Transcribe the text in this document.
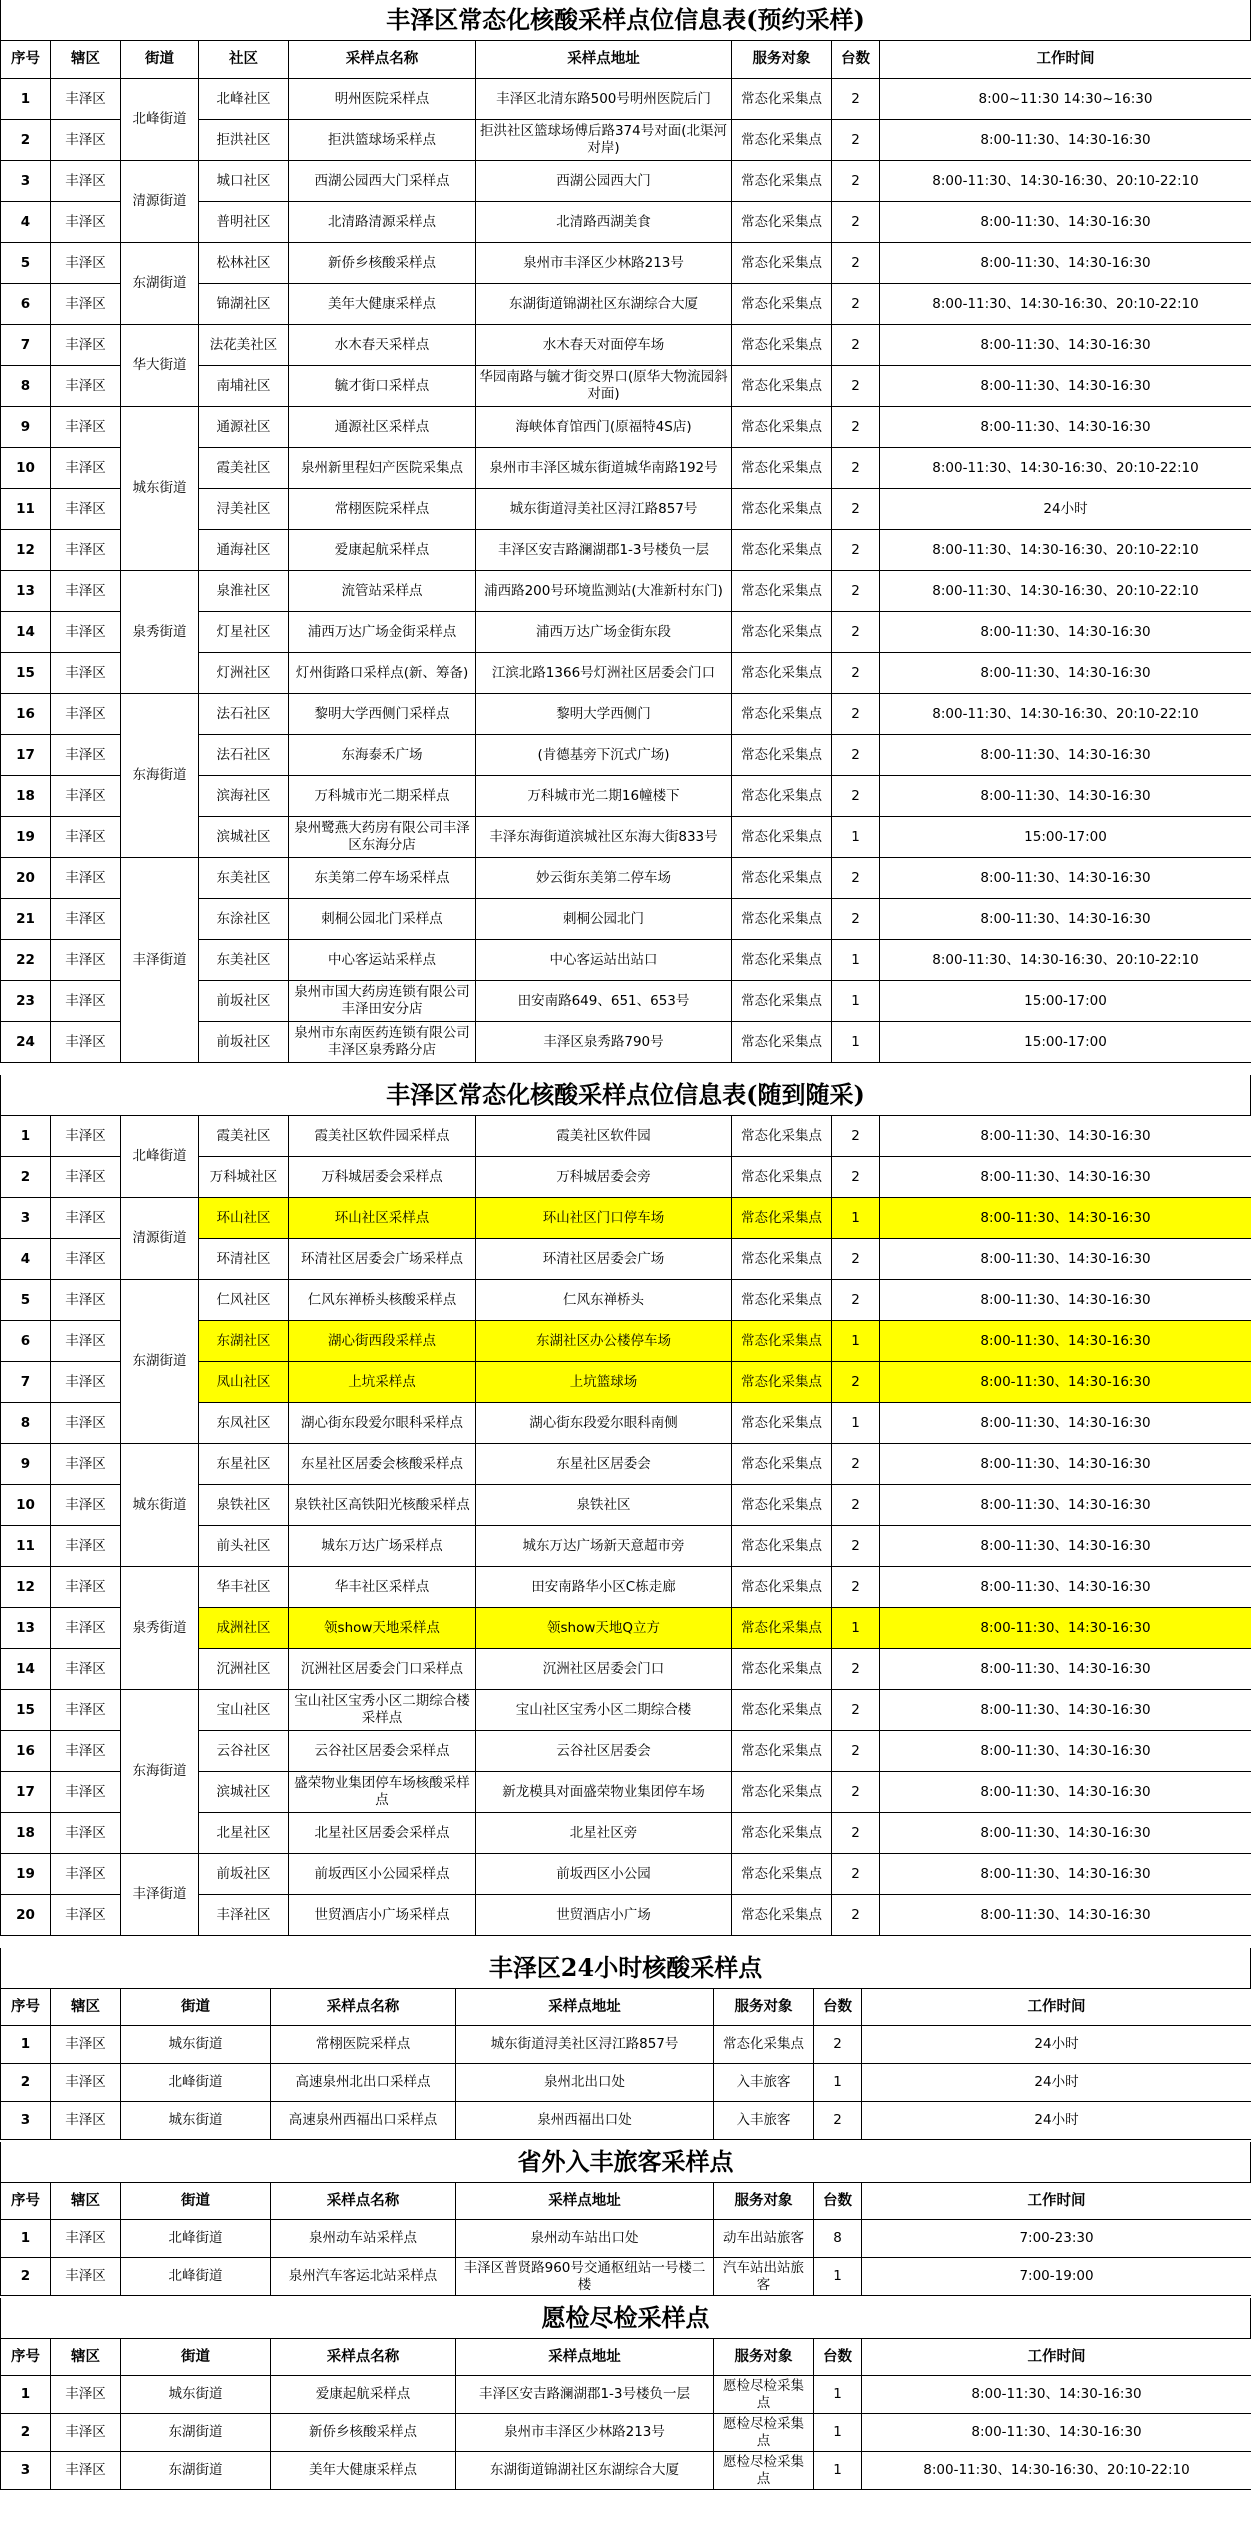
丰泽区常态化核酸采样点位信息表(预约采样)
序号	辖区	街道	社区	采样点名称	采样点地址	服务对象	台数	工作时间
1	丰泽区	北峰街道	北峰社区	明州医院采样点	丰泽区北清东路500号明州医院后门	常态化采集点	2	8:00~11:30 14:30~16:30
2	丰泽区		拒洪社区	拒洪篮球场采样点	拒洪社区篮球场傅后路374号对面(北渠河对岸)	常态化采集点	2	8:00-11:30、14:30-16:30
3	丰泽区	清源街道	城口社区	西湖公园西大门采样点	西湖公园西大门	常态化采集点	2	8:00-11:30、14:30-16:30、20:10-22:10
4	丰泽区		普明社区	北清路清源采样点	北清路西湖美食	常态化采集点	2	8:00-11:30、14:30-16:30
5	丰泽区	东湖街道	松林社区	新侨乡核酸采样点	泉州市丰泽区少林路213号	常态化采集点	2	8:00-11:30、14:30-16:30
6	丰泽区		锦湖社区	美年大健康采样点	东湖街道锦湖社区东湖综合大厦	常态化采集点	2	8:00-11:30、14:30-16:30、20:10-22:10
7	丰泽区	华大街道	法花美社区	水木春天采样点	水木春天对面停车场	常态化采集点	2	8:00-11:30、14:30-16:30
8	丰泽区		南埔社区	毓才街口采样点	华园南路与毓才街交界口(原华大物流园斜对面)	常态化采集点	2	8:00-11:30、14:30-16:30
9	丰泽区	城东街道	通源社区	通源社区采样点	海峡体育馆西门(原福特4S店)	常态化采集点	2	8:00-11:30、14:30-16:30
10	丰泽区		霞美社区	泉州新里程妇产医院采集点	泉州市丰泽区城东街道城华南路192号	常态化采集点	2	8:00-11:30、14:30-16:30、20:10-22:10
11	丰泽区		浔美社区	常栩医院采样点	城东街道浔美社区浔江路857号	常态化采集点	2	24小时
12	丰泽区		通海社区	爱康起航采样点	丰泽区安吉路澜湖郡1-3号楼负一层	常态化采集点	2	8:00-11:30、14:30-16:30、20:10-22:10
13	丰泽区	泉秀街道	泉淮社区	流管站采样点	浦西路200号环境监测站(大准新村东门)	常态化采集点	2	8:00-11:30、14:30-16:30、20:10-22:10
14	丰泽区		灯星社区	浦西万达广场金街采样点	浦西万达广场金街东段	常态化采集点	2	8:00-11:30、14:30-16:30
15	丰泽区		灯洲社区	灯州街路口采样点(新、筹备)	江滨北路1366号灯洲社区居委会门口	常态化采集点	2	8:00-11:30、14:30-16:30
16	丰泽区	东海街道	法石社区	黎明大学西侧门采样点	黎明大学西侧门	常态化采集点	2	8:00-11:30、14:30-16:30、20:10-22:10
17	丰泽区		法石社区	东海泰禾广场	(肯德基旁下沉式广场)	常态化采集点	2	8:00-11:30、14:30-16:30
18	丰泽区		滨海社区	万科城市光二期采样点	万科城市光二期16幢楼下	常态化采集点	2	8:00-11:30、14:30-16:30
19	丰泽区		滨城社区	泉州鹭燕大药房有限公司丰泽区东海分店	丰泽东海街道滨城社区东海大街833号	常态化采集点	1	15:00-17:00
20	丰泽区	丰泽街道	东美社区	东美第二停车场采样点	妙云街东美第二停车场	常态化采集点	2	8:00-11:30、14:30-16:30
21	丰泽区		东涂社区	刺桐公园北门采样点	刺桐公园北门	常态化采集点	2	8:00-11:30、14:30-16:30
22	丰泽区		东美社区	中心客运站采样点	中心客运站出站口	常态化采集点	1	8:00-11:30、14:30-16:30、20:10-22:10
23	丰泽区		前坂社区	泉州市国大药房连锁有限公司丰泽田安分店	田安南路649、651、653号	常态化采集点	1	15:00-17:00
24	丰泽区		前坂社区	泉州市东南医药连锁有限公司丰泽区泉秀路分店	丰泽区泉秀路790号	常态化采集点	1	15:00-17:00
丰泽区常态化核酸采样点位信息表(随到随采)
1	丰泽区	北峰街道	霞美社区	霞美社区软件园采样点	霞美社区软件园	常态化采集点	2	8:00-11:30、14:30-16:30
2	丰泽区		万科城社区	万科城居委会采样点	万科城居委会旁	常态化采集点	2	8:00-11:30、14:30-16:30
3	丰泽区	清源街道	环山社区	环山社区采样点	环山社区门口停车场	常态化采集点	1	8:00-11:30、14:30-16:30
4	丰泽区		环清社区	环清社区居委会广场采样点	环清社区居委会广场	常态化采集点	2	8:00-11:30、14:30-16:30
5	丰泽区	东湖街道	仁风社区	仁风东禅桥头核酸采样点	仁风东禅桥头	常态化采集点	2	8:00-11:30、14:30-16:30
6	丰泽区		东湖社区	湖心街西段采样点	东湖社区办公楼停车场	常态化采集点	1	8:00-11:30、14:30-16:30
7	丰泽区		凤山社区	上坑采样点	上坑篮球场	常态化采集点	2	8:00-11:30、14:30-16:30
8	丰泽区		东凤社区	湖心街东段爱尔眼科采样点	湖心街东段爱尔眼科南侧	常态化采集点	1	8:00-11:30、14:30-16:30
9	丰泽区	城东街道	东星社区	东星社区居委会核酸采样点	东星社区居委会	常态化采集点	2	8:00-11:30、14:30-16:30
10	丰泽区		泉铁社区	泉铁社区高铁阳光核酸采样点	泉铁社区	常态化采集点	2	8:00-11:30、14:30-16:30
11	丰泽区		前头社区	城东万达广场采样点	城东万达广场新天意超市旁	常态化采集点	2	8:00-11:30、14:30-16:30
12	丰泽区	泉秀街道	华丰社区	华丰社区采样点	田安南路华小区C栋走廊	常态化采集点	2	8:00-11:30、14:30-16:30
13	丰泽区		成洲社区	领show天地采样点	领show天地Q立方	常态化采集点	1	8:00-11:30、14:30-16:30
14	丰泽区		沉洲社区	沉洲社区居委会门口采样点	沉洲社区居委会门口	常态化采集点	2	8:00-11:30、14:30-16:30
15	丰泽区	东海街道	宝山社区	宝山社区宝秀小区二期综合楼采样点	宝山社区宝秀小区二期综合楼	常态化采集点	2	8:00-11:30、14:30-16:30
16	丰泽区		云谷社区	云谷社区居委会采样点	云谷社区居委会	常态化采集点	2	8:00-11:30、14:30-16:30
17	丰泽区		滨城社区	盛荣物业集团停车场核酸采样点	新龙模具对面盛荣物业集团停车场	常态化采集点	2	8:00-11:30、14:30-16:30
18	丰泽区		北星社区	北星社区居委会采样点	北星社区旁	常态化采集点	2	8:00-11:30、14:30-16:30
19	丰泽区	丰泽街道	前坂社区	前坂西区小公园采样点	前坂西区小公园	常态化采集点	2	8:00-11:30、14:30-16:30
20	丰泽区		丰泽社区	世贸酒店小广场采样点	世贸酒店小广场	常态化采集点	2	8:00-11:30、14:30-16:30
丰泽区24小时核酸采样点
序号	辖区	街道	采样点名称	采样点地址	服务对象	台数	工作时间
1	丰泽区	城东街道	常栩医院采样点	城东街道浔美社区浔江路857号	常态化采集点	2	24小时
2	丰泽区	北峰街道	高速泉州北出口采样点	泉州北出口处	入丰旅客	1	24小时
3	丰泽区	城东街道	高速泉州西福出口采样点	泉州西福出口处	入丰旅客	2	24小时
省外入丰旅客采样点
序号	辖区	街道	采样点名称	采样点地址	服务对象	台数	工作时间
1	丰泽区	北峰街道	泉州动车站采样点	泉州动车站出口处	动车出站旅客	8	7:00-23:30
2	丰泽区	北峰街道	泉州汽车客运北站采样点	丰泽区普贤路960号交通枢纽站一号楼二楼	汽车站出站旅客	1	7:00-19:00
愿检尽检采样点
序号	辖区	街道	采样点名称	采样点地址	服务对象	台数	工作时间
1	丰泽区	城东街道	爱康起航采样点	丰泽区安吉路澜湖郡1-3号楼负一层	愿检尽检采集点	1	8:00-11:30、14:30-16:30
2	丰泽区	东湖街道	新侨乡核酸采样点	泉州市丰泽区少林路213号	愿检尽检采集点	1	8:00-11:30、14:30-16:30
3	丰泽区	东湖街道	美年大健康采样点	东湖街道锦湖社区东湖综合大厦	愿检尽检采集点	1	8:00-11:30、14:30-16:30、20:10-22:10
